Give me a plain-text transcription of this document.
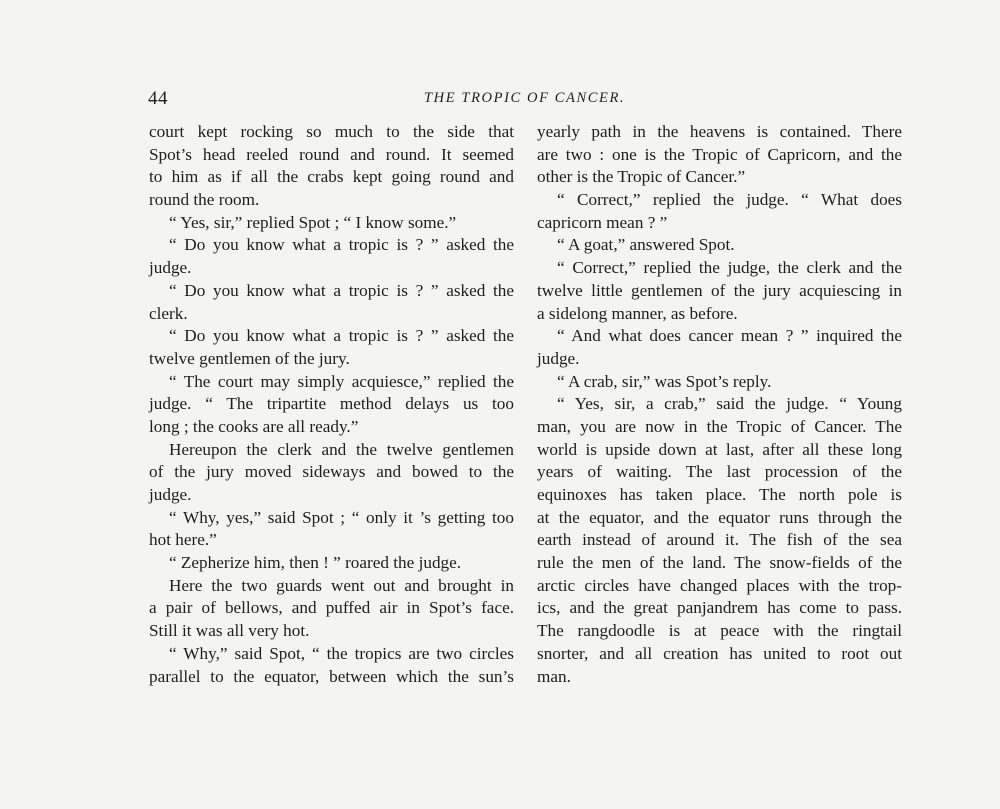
44	THE TROPIC OF CANCER.
court kept rocking so much to the side that
Spot’s head reeled round and round. It seemed
to him as if all the crabs kept going round and
round the room.
“ Yes, sir,” replied Spot ; “ I know some.”
“ Do you know what a tropic is ? ” asked the
judge.
“ Do you know what a tropic is ? ” asked the
clerk.
“ Do you know what a tropic is ? ” asked the
twelve gentlemen of the jury.
“ The court may simply acquiesce,” replied the
judge. “ The tripartite method delays us too
long ; the cooks are all ready.”
Hereupon the clerk and the twelve gentlemen
of the jury moved sideways and bowed to the
judge.
“ Why, yes,” said Spot ; “ only it ’s getting too
hot here.”
“ Zepherize him, then ! ” roared the judge.
Here the two guards went out and brought in
a pair of bellows, and puffed air in Spot’s face.
Still it was all very hot.
“ Why,” said Spot, “ the tropics are two circles
parallel to the equator, between which the sun’s
yearly path in the heavens is contained. There
are two : one is the Tropic of Capricorn, and the
other is the Tropic of Cancer.”
“ Correct,” replied the judge. “ What does
capricorn mean ? ”
“ A goat,” answered Spot.
“ Correct,” replied the judge, the clerk and the
twelve little gentlemen of the jury acquiescing in
a sidelong manner, as before.
“ And what does cancer mean ? ” inquired the
judge.
“ A crab, sir,” was Spot’s reply.
“ Yes, sir, a crab,” said the judge. “ Young
man, you are now in the Tropic of Cancer. The
world is upside down at last, after all these long
years of waiting. The last procession of the
equinoxes has taken place. The north pole is
at the equator, and the equator runs through the
earth instead of around it. The fish of the sea
rule the men of the land. The snow-fields of the
arctic circles have changed places with the trop-
ics, and the great panjandrem has come to pass.
The rangdoodle is at peace with the ringtail
snorter, and all creation has united to root out
man.
